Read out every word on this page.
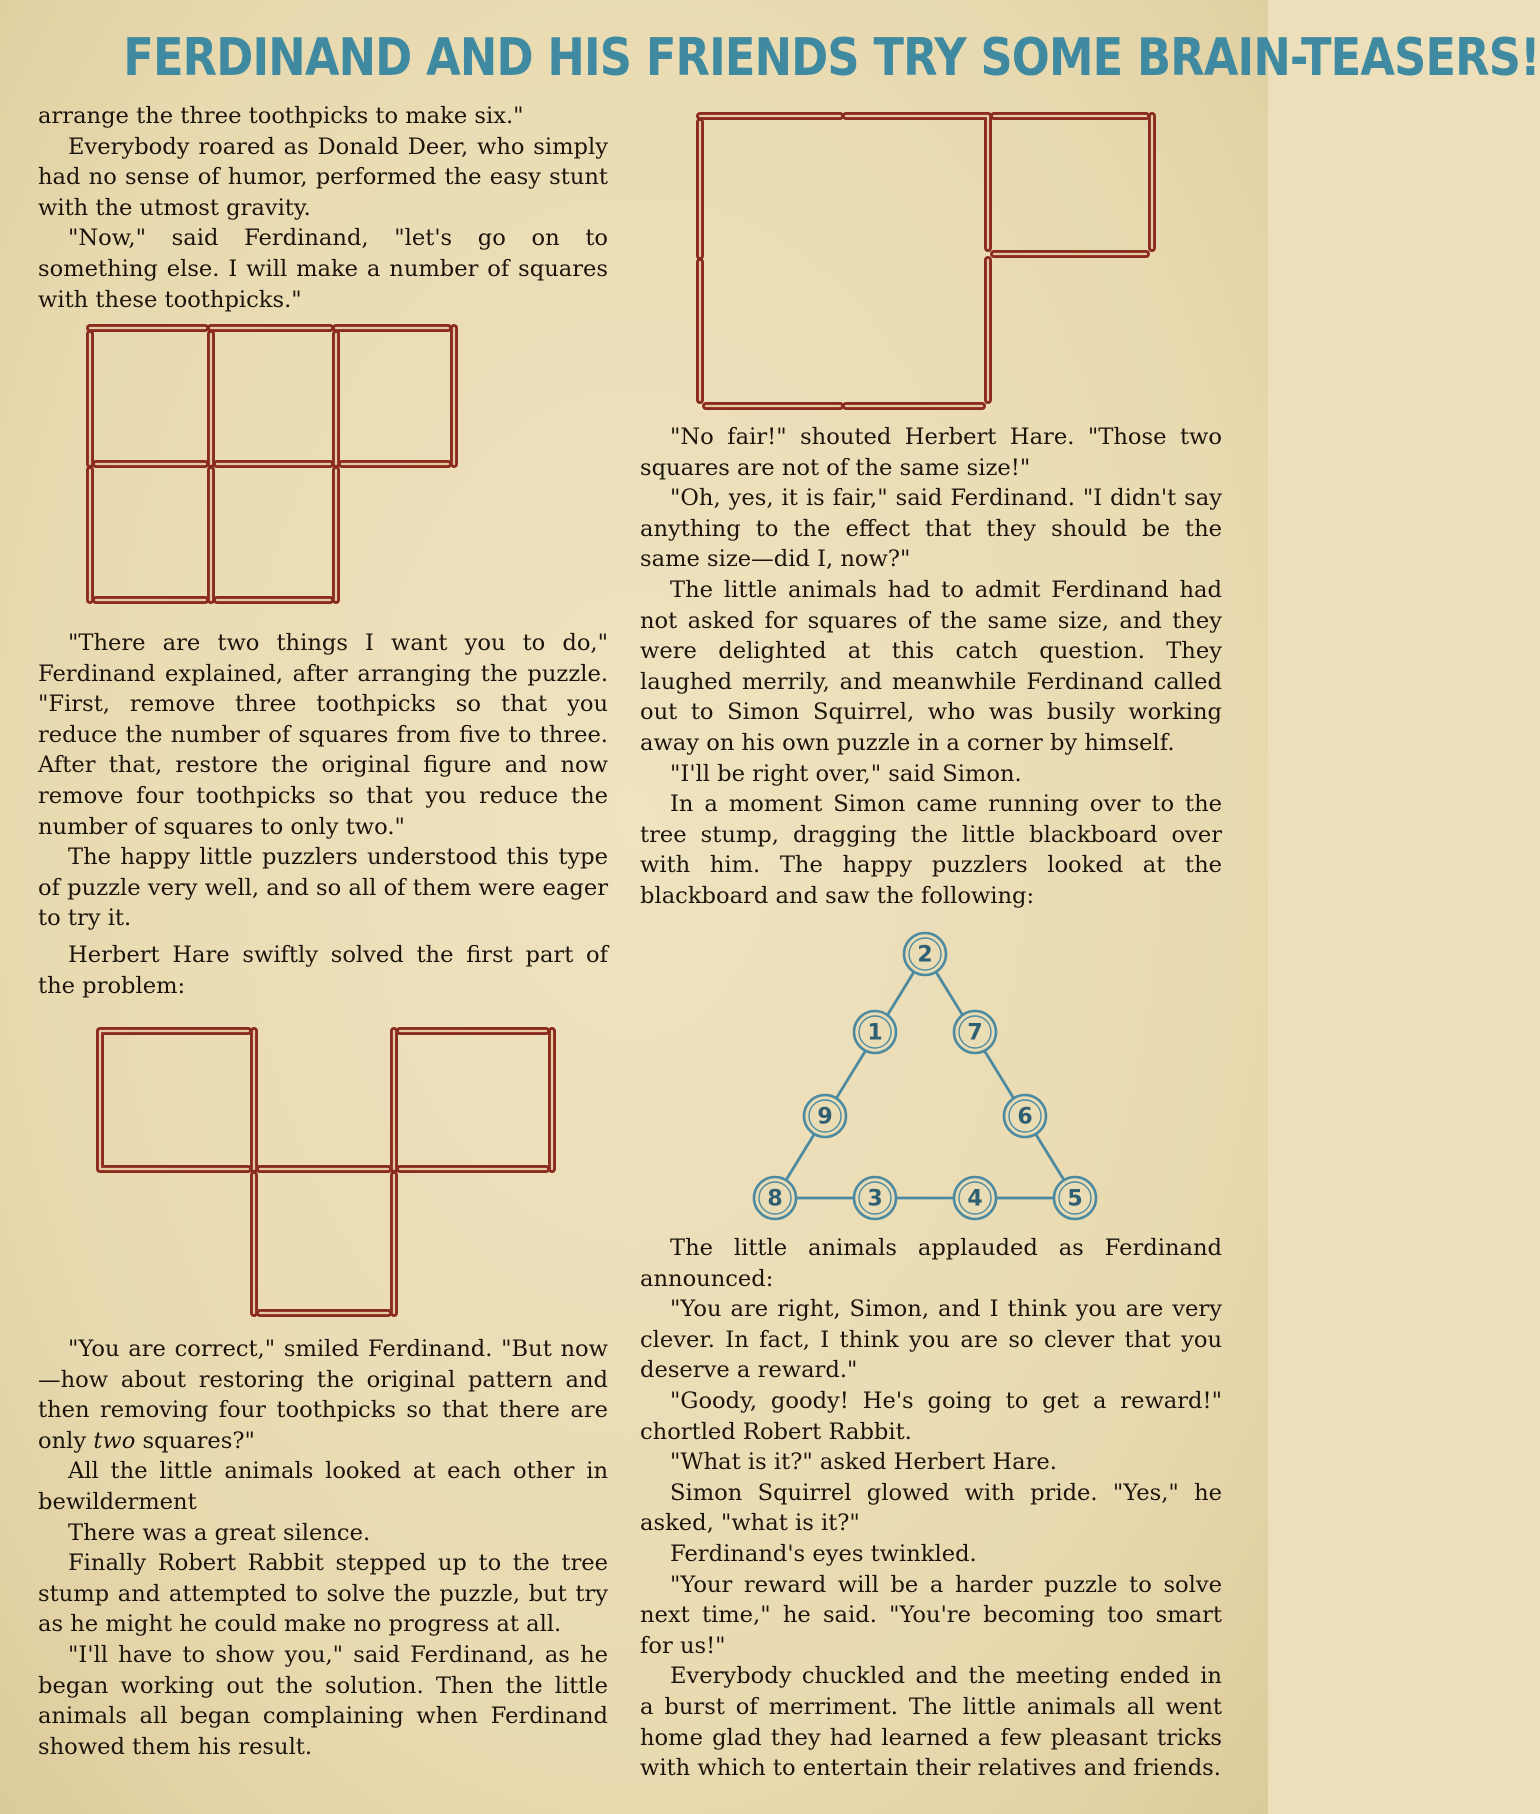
FERDINAND AND HIS FRIENDS TRY SOME BRAIN-TEASERS!

arrange the three toothpicks to make six."

Everybody roared as Donald Deer, who simply had no sense of humor, performed the easy stunt with the utmost gravity.

"Now," said Ferdinand, "let's go on to something else. I will make a number of squares with these toothpicks."

"There are two things I want you to do," Ferdinand explained, after arranging the puzzle. "First, remove three toothpicks so that you reduce the number of squares from five to three. After that, restore the original figure and now remove four toothpicks so that you reduce the number of squares to only two."

The happy little puzzlers understood this type of puzzle very well, and so all of them were eager to try it.

Herbert Hare swiftly solved the first part of the problem:

"You are correct," smiled Ferdinand. "But now —how about restoring the original pattern and then removing four toothpicks so that there are only two squares?"

All the little animals looked at each other in bewilderment

There was a great silence.

Finally Robert Rabbit stepped up to the tree stump and attempted to solve the puzzle, but try as he might he could make no progress at all.

"I'll have to show you," said Ferdinand, as he began working out the solution. Then the little animals all began complaining when Ferdinand showed them his result.

"No fair!" shouted Herbert Hare. "Those two squares are not of the same size!"

"Oh, yes, it is fair," said Ferdinand. "I didn't say anything to the effect that they should be the same size—did I, now?"

The little animals had to admit Ferdinand had not asked for squares of the same size, and they were delighted at this catch question. They laughed merrily, and meanwhile Ferdinand called out to Simon Squirrel, who was busily working away on his own puzzle in a corner by himself.

"I'll be right over," said Simon.

In a moment Simon came running over to the tree stump, dragging the little blackboard over with him. The happy puzzlers looked at the blackboard and saw the following:

2
1	7
9	6
8	3	4	5

The little animals applauded as Ferdinand announced:

"You are right, Simon, and I think you are very clever. In fact, I think you are so clever that you deserve a reward."

"Goody, goody! He's going to get a reward!" chortled Robert Rabbit.

"What is it?" asked Herbert Hare.

Simon Squirrel glowed with pride. "Yes," he asked, "what is it?"

Ferdinand's eyes twinkled.

"Your reward will be a harder puzzle to solve next time," he said. "You're becoming too smart for us!"

Everybody chuckled and the meeting ended in a burst of merriment. The little animals all went home glad they had learned a few pleasant tricks with which to entertain their relatives and friends.
